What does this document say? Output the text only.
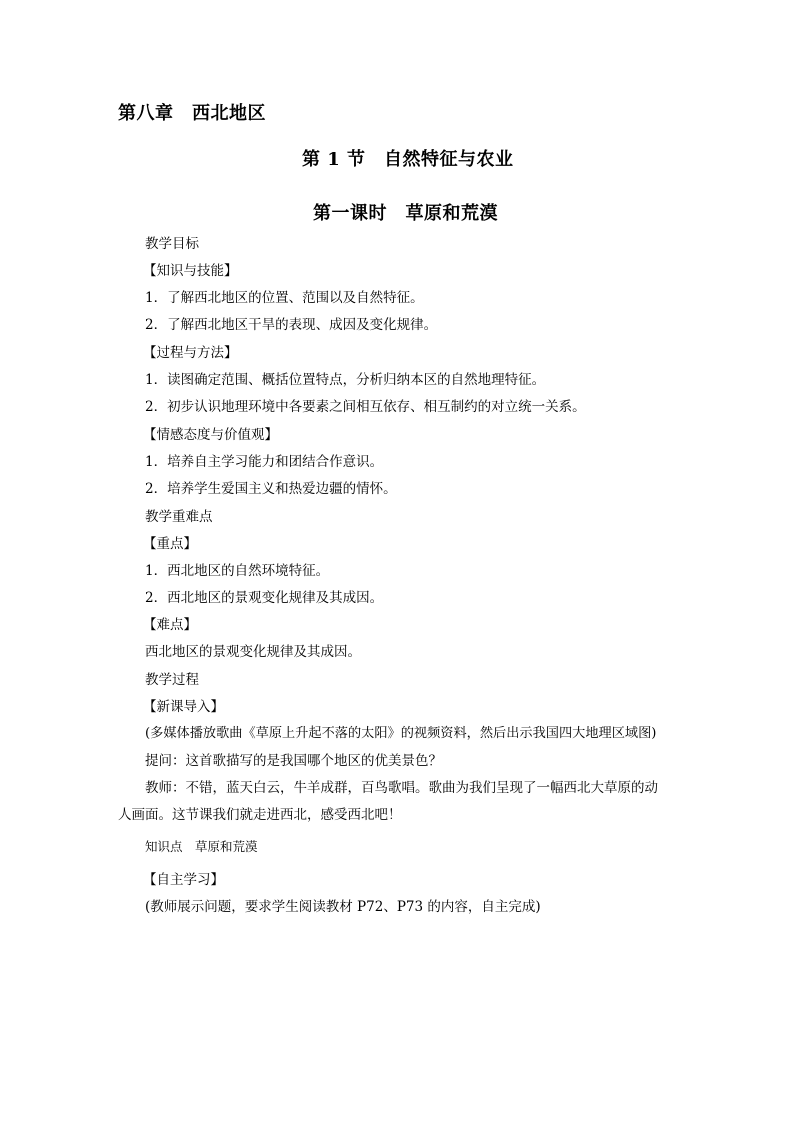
第八章　西北地区
第 1 节　自然特征与农业
第一课时　草原和荒漠
教学目标
【知识与技能】
1．了解西北地区的位置、范围以及自然特征。
2．了解西北地区干旱的表现、成因及变化规律。
【过程与方法】
1．读图确定范围、概括位置特点，分析归纳本区的自然地理特征。
2．初步认识地理环境中各要素之间相互依存、相互制约的对立统一关系。
【情感态度与价值观】
1．培养自主学习能力和团结合作意识。
2．培养学生爱国主义和热爱边疆的情怀。
教学重难点
【重点】
1．西北地区的自然环境特征。
2．西北地区的景观变化规律及其成因。
【难点】
西北地区的景观变化规律及其成因。
教学过程
【新课导入】
(多媒体播放歌曲《草原上升起不落的太阳》的视频资料，然后出示我国四大地理区域图)
提问：这首歌描写的是我国哪个地区的优美景色？
教师：不错，蓝天白云，牛羊成群，百鸟歌唱。歌曲为我们呈现了一幅西北大草原的动
人画面。这节课我们就走进西北，感受西北吧！
知识点　草原和荒漠
【自主学习】
(教师展示问题，要求学生阅读教材 P72、P73 的内容，自主完成)
